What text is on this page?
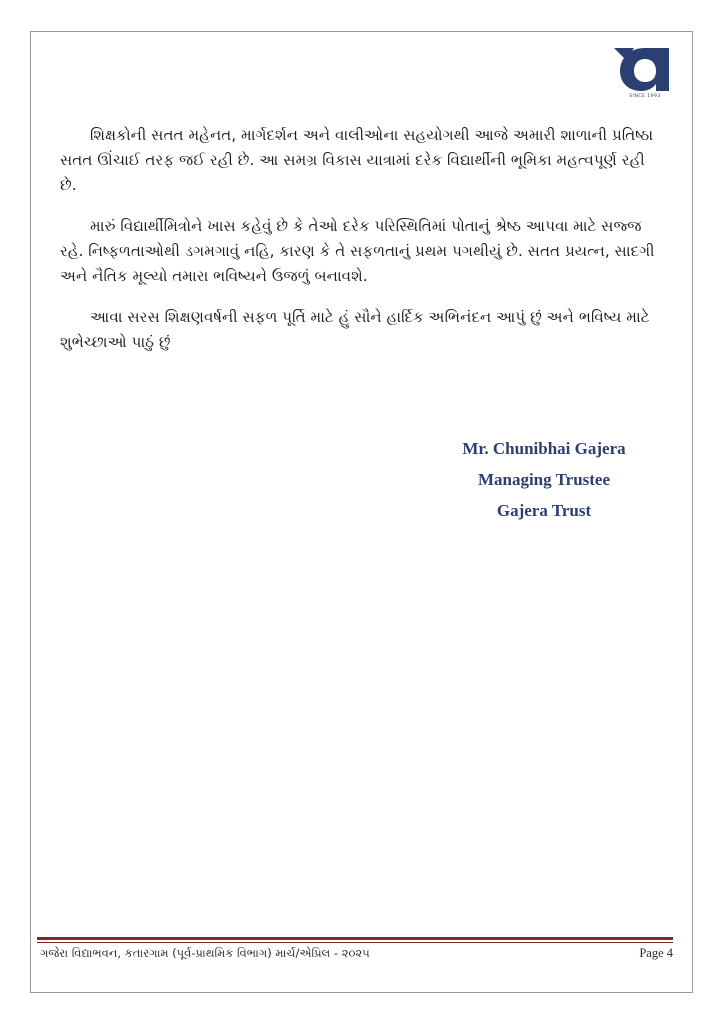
SINCE 1993

શિક્ષકોની સતત મહેનત, માર્ગદર્શન અને વાલીઓના સહયોગથી આજે અમારી શાળાની પ્રતિષ્ઠા સતત ઊંચાઈ તરફ જઈ રહી છે. આ સમગ્ર વિકાસ યાત્રામાં દરેક વિદ્યાર્થીની ભૂમિકા મહત્વપૂર્ણ રહી છે.

મારું વિદ્યાર્થીમિત્રોને ખાસ કહેવું છે કે તેઓ દરેક પરિસ્થિતિમાં પોતાનું શ્રેષ્ઠ આપવા માટે સજ્જ રહે. નિષ્ફળતાઓથી ડગમગાવું નહિ, કારણ કે તે સફળતાનું પ્રથમ પગથીયું છે. સતત પ્રયત્ન, સાદગી અને નૈતિક મૂલ્યો તમારા ભવિષ્યને ઉજળું બનાવશે.

આવા સરસ શિક્ષણવર્ષની સફળ પૂર્તિ માટે હું સૌને હાર્દિક અભિનંદન આપું છું અને ભવિષ્ય માટે શુભેચ્છાઓ પાઠું છું

Mr. Chunibhai Gajera
Managing Trustee
Gajera Trust
ગજેરા વિદ્યાભવન, કતારગામ (પૂર્વ-પ્રાથમિક વિભાગ) માર્ચ/એપ્રિલ - ૨૦૨૫	Page 4
